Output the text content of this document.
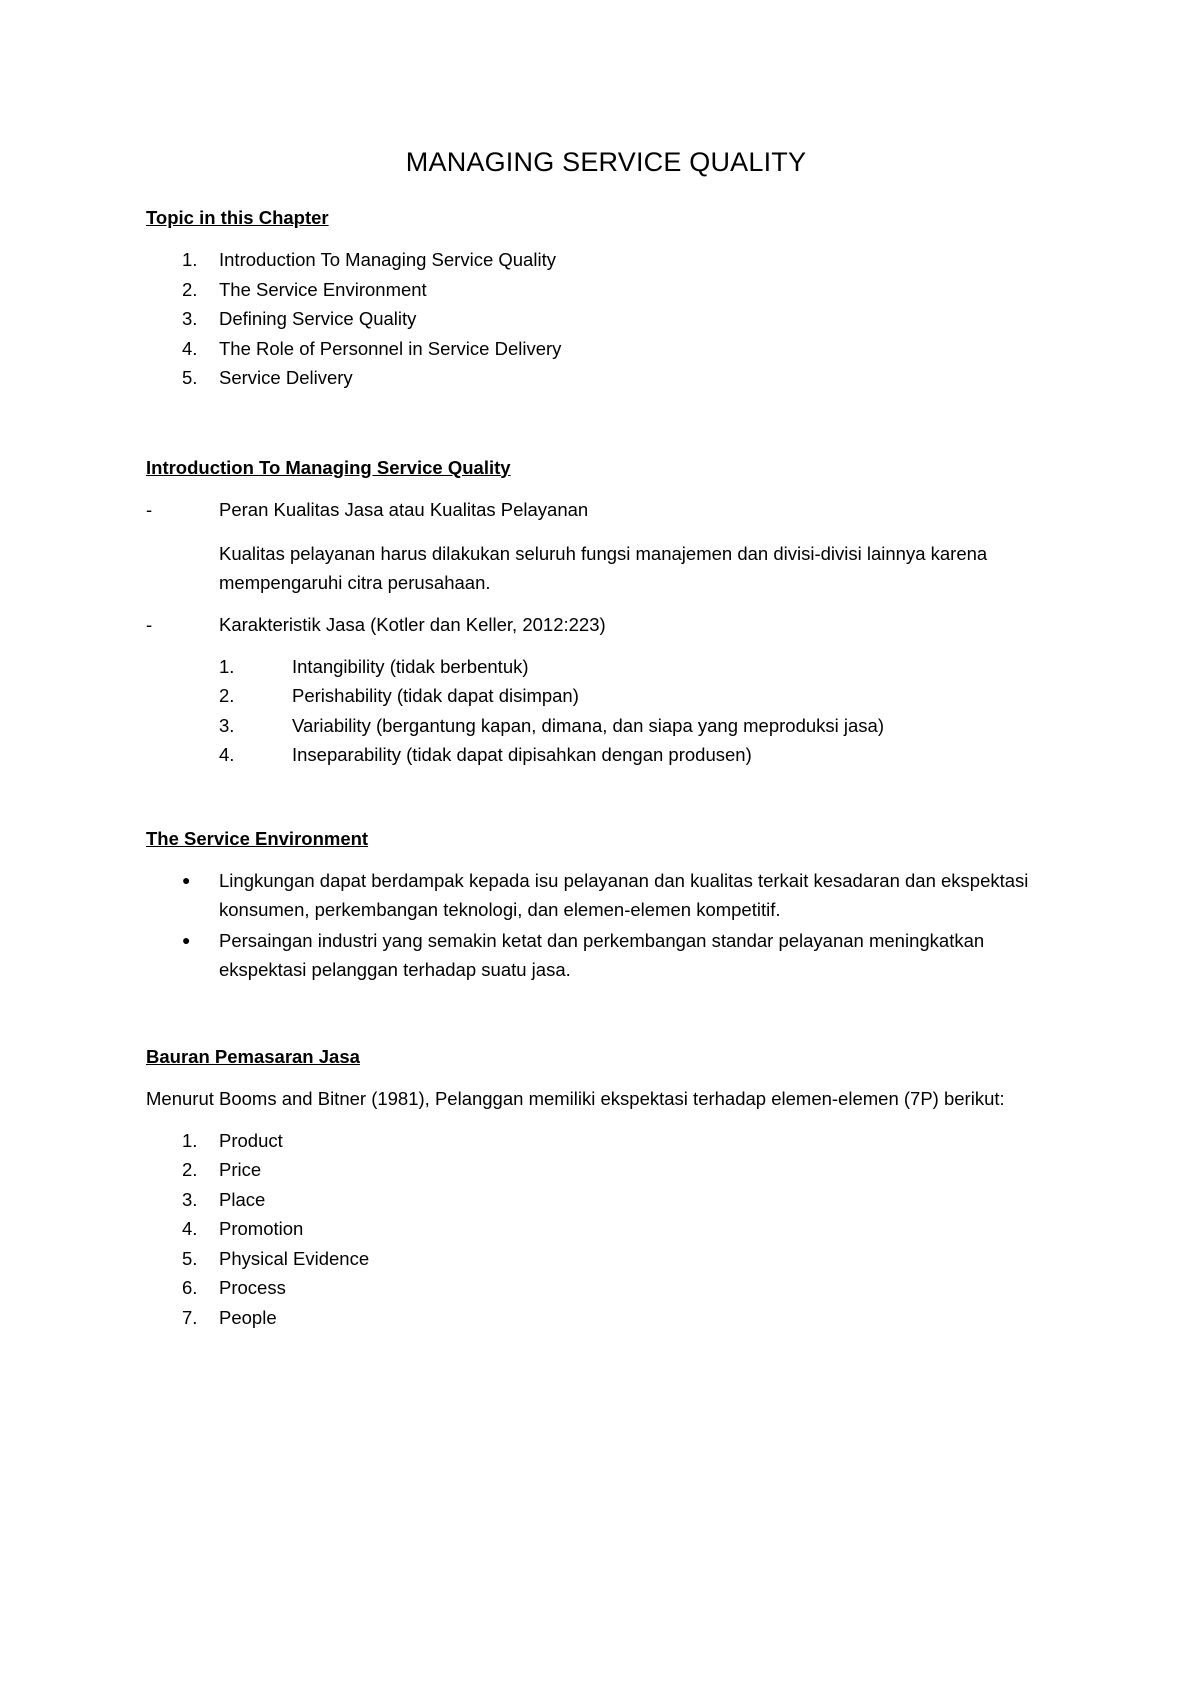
MANAGING SERVICE QUALITY
Topic in this Chapter
1.	Introduction To Managing Service Quality
2.	The Service Environment
3.	Defining Service Quality
4.	The Role of Personnel in Service Delivery
5.	Service Delivery
Introduction To Managing Service Quality
-	Peran Kualitas Jasa atau Kualitas Pelayanan
Kualitas pelayanan harus dilakukan seluruh fungsi manajemen dan divisi-divisi lainnya karena mempengaruhi citra perusahaan.
-	Karakteristik Jasa (Kotler dan Keller, 2012:223)
1.	Intangibility (tidak berbentuk)
2.	Perishability (tidak dapat disimpan)
3.	Variability (bergantung kapan, dimana, dan siapa yang meproduksi jasa)
4.	Inseparability (tidak dapat dipisahkan dengan produsen)
The Service Environment
● Lingkungan dapat berdampak kepada isu pelayanan dan kualitas terkait kesadaran dan ekspektasi konsumen, perkembangan teknologi, dan elemen-elemen kompetitif.
● Persaingan industri yang semakin ketat dan perkembangan standar pelayanan meningkatkan ekspektasi pelanggan terhadap suatu jasa.
Bauran Pemasaran Jasa
Menurut Booms and Bitner (1981), Pelanggan memiliki ekspektasi terhadap elemen-elemen (7P) berikut:
1.	Product
2.	Price
3.	Place
4.	Promotion
5.	Physical Evidence
6.	Process
7.	People
